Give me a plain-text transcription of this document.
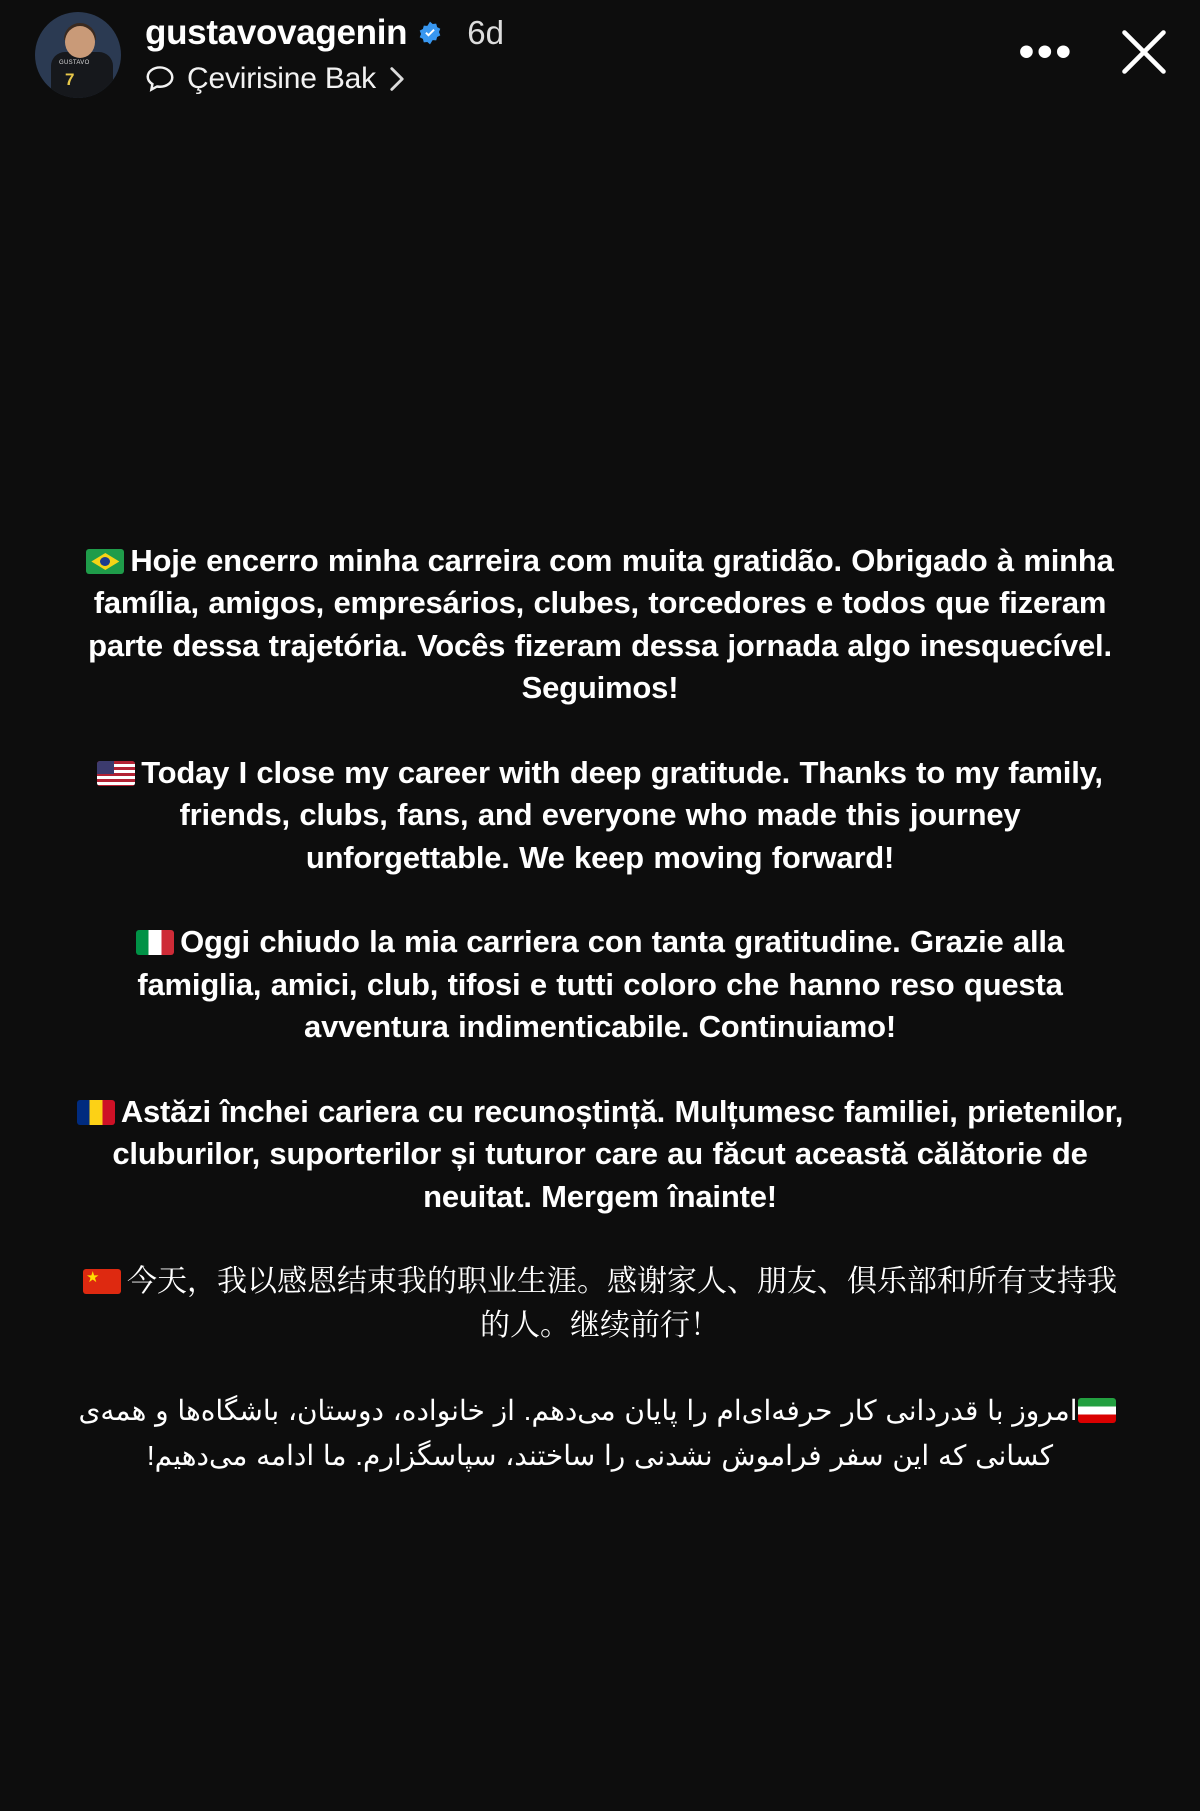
GUSTAVO
7
gustavovagenin 6d
Çevirisine Bak
•••

Hoje encerro minha carreira com muita gratidão. Obrigado à minha família, amigos, empresários, clubes, torcedores e todos que fizeram parte dessa trajetória. Vocês fizeram dessa jornada algo inesquecível. Seguimos!

Today I close my career with deep gratitude. Thanks to my family, friends, clubs, fans, and everyone who made this journey unforgettable. We keep moving forward!

Oggi chiudo la mia carriera con tanta gratitudine. Grazie alla famiglia, amici, club, tifosi e tutti coloro che hanno reso questa avventura indimenticabile. Continuiamo!

Astăzi închei cariera cu recunoștință. Mulțumesc familiei, prietenilor, cluburilor, suporterilor și tuturor care au făcut această călătorie de neuitat. Mergem înainte!

★今天，我以感恩结束我的职业生涯。感谢家人、朋友、俱乐部和所有支持我的人。继续前行！

امروز با قدردانی کار حرفه‌ای‌ام را پایان می‌دهم. از خانواده، دوستان، باشگاه‌ها و همه‌ی کسانی که این سفر فراموش نشدنی را ساختند، سپاسگزارم. ما ادامه می‌دهیم!
